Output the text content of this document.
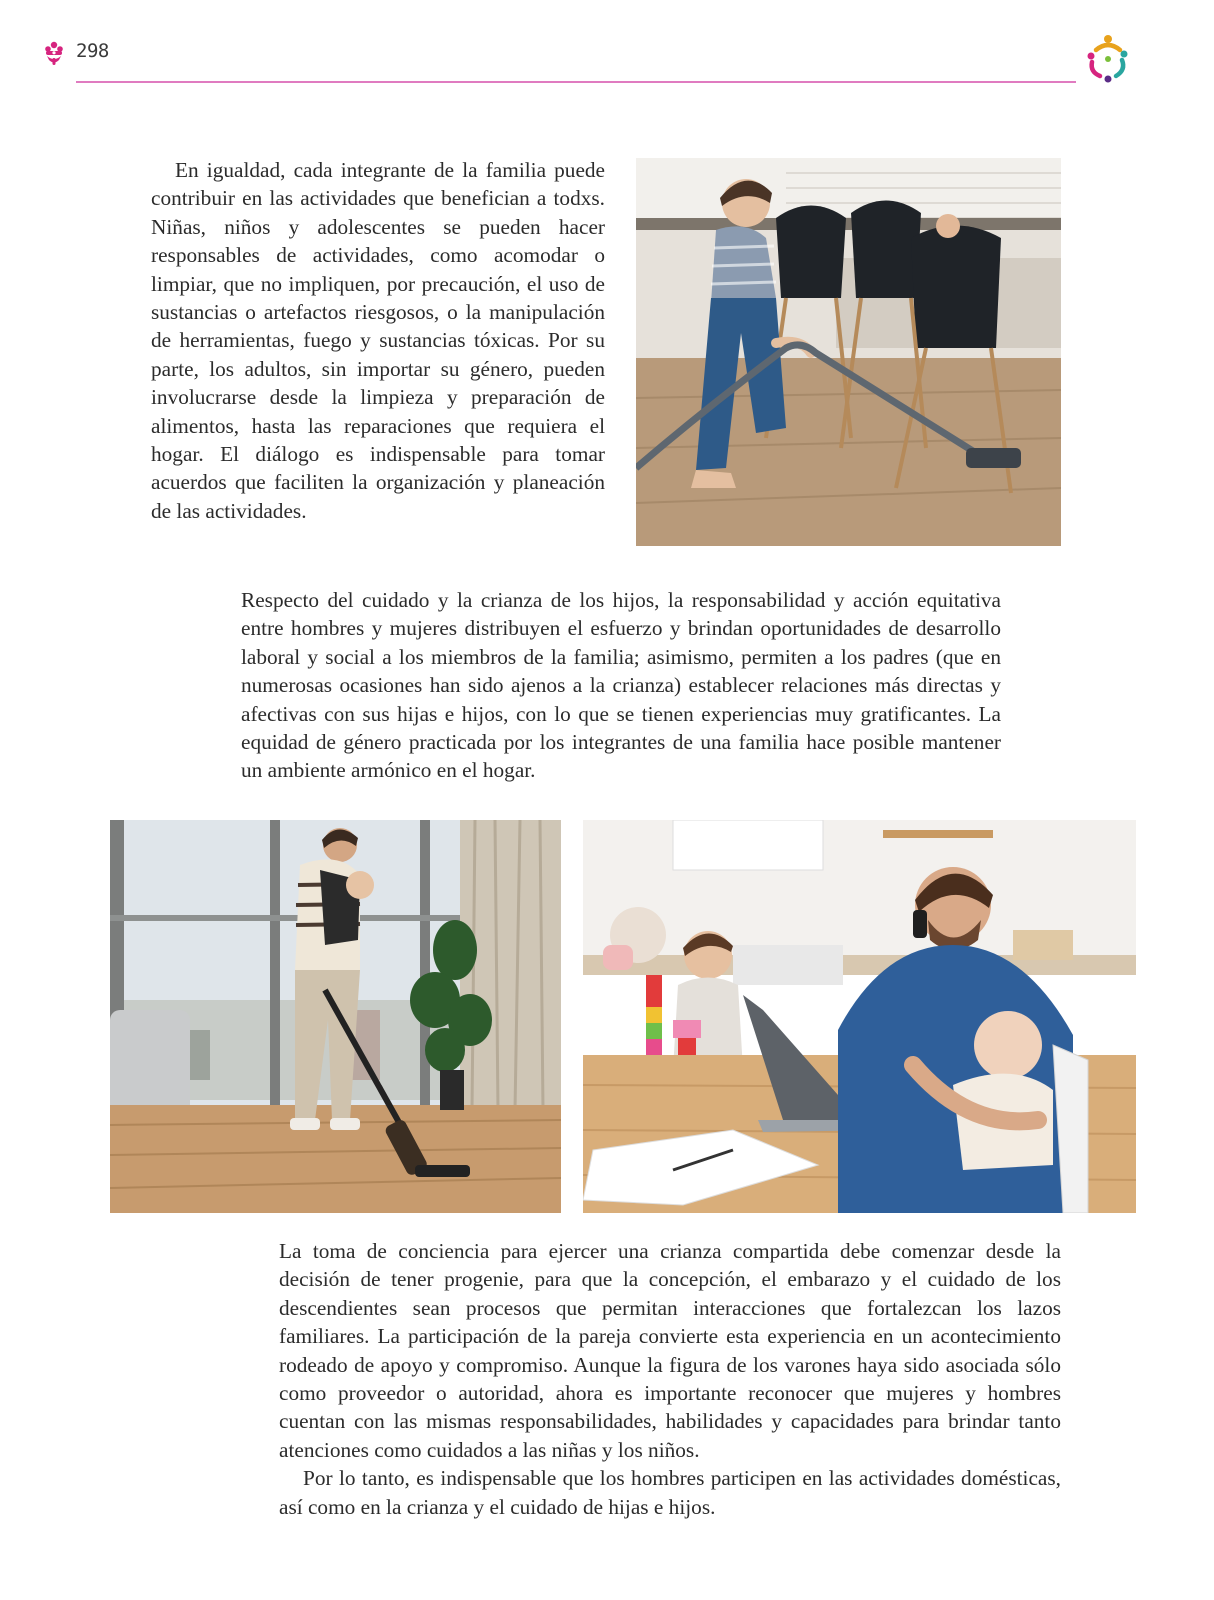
298

En igualdad, cada integrante de la familia puede contribuir en las actividades que benefician a todxs. Niñas, niños y adolescentes se pueden hacer responsables de actividades, como acomodar o limpiar, que no impliquen, por precaución, el uso de sustancias o artefactos riesgosos, o la manipulación de herramientas, fuego y sustancias tóxicas. Por su parte, los adultos, sin importar su género, pueden involucrarse desde la limpieza y preparación de alimentos, hasta las reparaciones que requiera el hogar. El diálogo es indispensable para tomar acuerdos que faciliten la organización y planeación de las actividades.

Respecto del cuidado y la crianza de los hijos, la responsabilidad y acción equitativa entre hombres y mujeres distribuyen el esfuerzo y brindan oportunidades de desarrollo laboral y social a los miembros de la familia; asimismo, permiten a los padres (que en numerosas ocasiones han sido ajenos a la crianza) establecer relaciones más directas y afectivas con sus hijas e hijos, con lo que se tienen experiencias muy gratificantes. La equidad de género practicada por los integrantes de una familia hace posible mantener un ambiente armónico en el hogar.

La toma de conciencia para ejercer una crianza compartida debe comenzar desde la decisión de tener progenie, para que la concepción, el embarazo y el cuidado de los descendientes sean procesos que permitan interacciones que fortalezcan los lazos familiares. La participación de la pareja convierte esta experiencia en un acontecimiento rodeado de apoyo y compromiso. Aunque la figura de los varones haya sido asociada sólo como proveedor o autoridad, ahora es importante reconocer que mujeres y hombres cuentan con las mismas responsabilidades, habilidades y capacidades para brindar tanto atenciones como cuidados a las niñas y los niños.

Por lo tanto, es indispensable que los hombres participen en las actividades domésticas, así como en la crianza y el cuidado de hijas e hijos.
